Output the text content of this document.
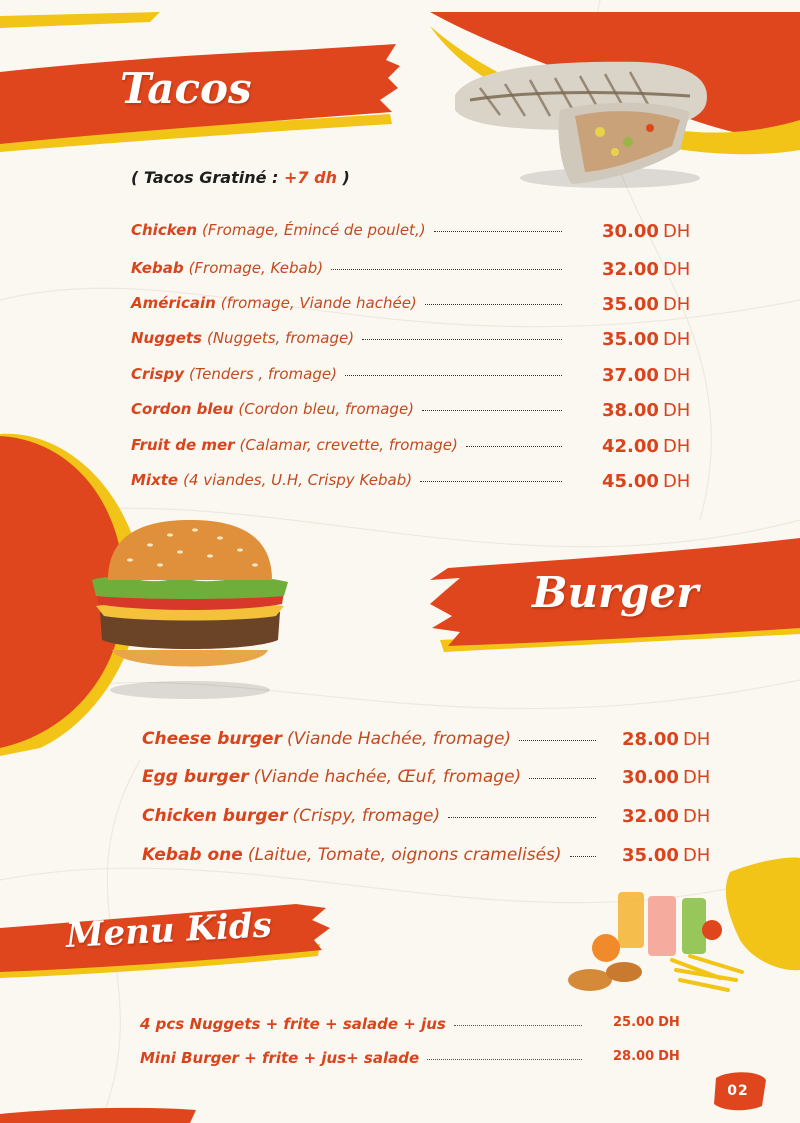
Tacos
( Tacos Gratiné : +7 dh )
Chicken (Fromage, Émincé de poulet,)	30.00 DH
Kebab (Fromage, Kebab)	32.00 DH
Américain (fromage, Viande hachée)	35.00 DH
Nuggets (Nuggets, fromage)	35.00 DH
Crispy (Tenders , fromage)	37.00 DH
Cordon bleu (Cordon bleu, fromage)	38.00 DH
Fruit de mer (Calamar, crevette, fromage)	42.00 DH
Mixte (4 viandes, U.H, Crispy Kebab)	45.00 DH
Burger
Cheese burger (Viande Hachée, fromage)	28.00 DH
Egg burger (Viande hachée, Œuf, fromage)	30.00 DH
Chicken burger (Crispy, fromage)	32.00 DH
Kebab one (Laitue, Tomate, oignons cramelisés)	35.00 DH
Menu Kids
4 pcs Nuggets + frite + salade + jus	25.00 DH
Mini Burger + frite + jus+ salade	28.00 DH
02
